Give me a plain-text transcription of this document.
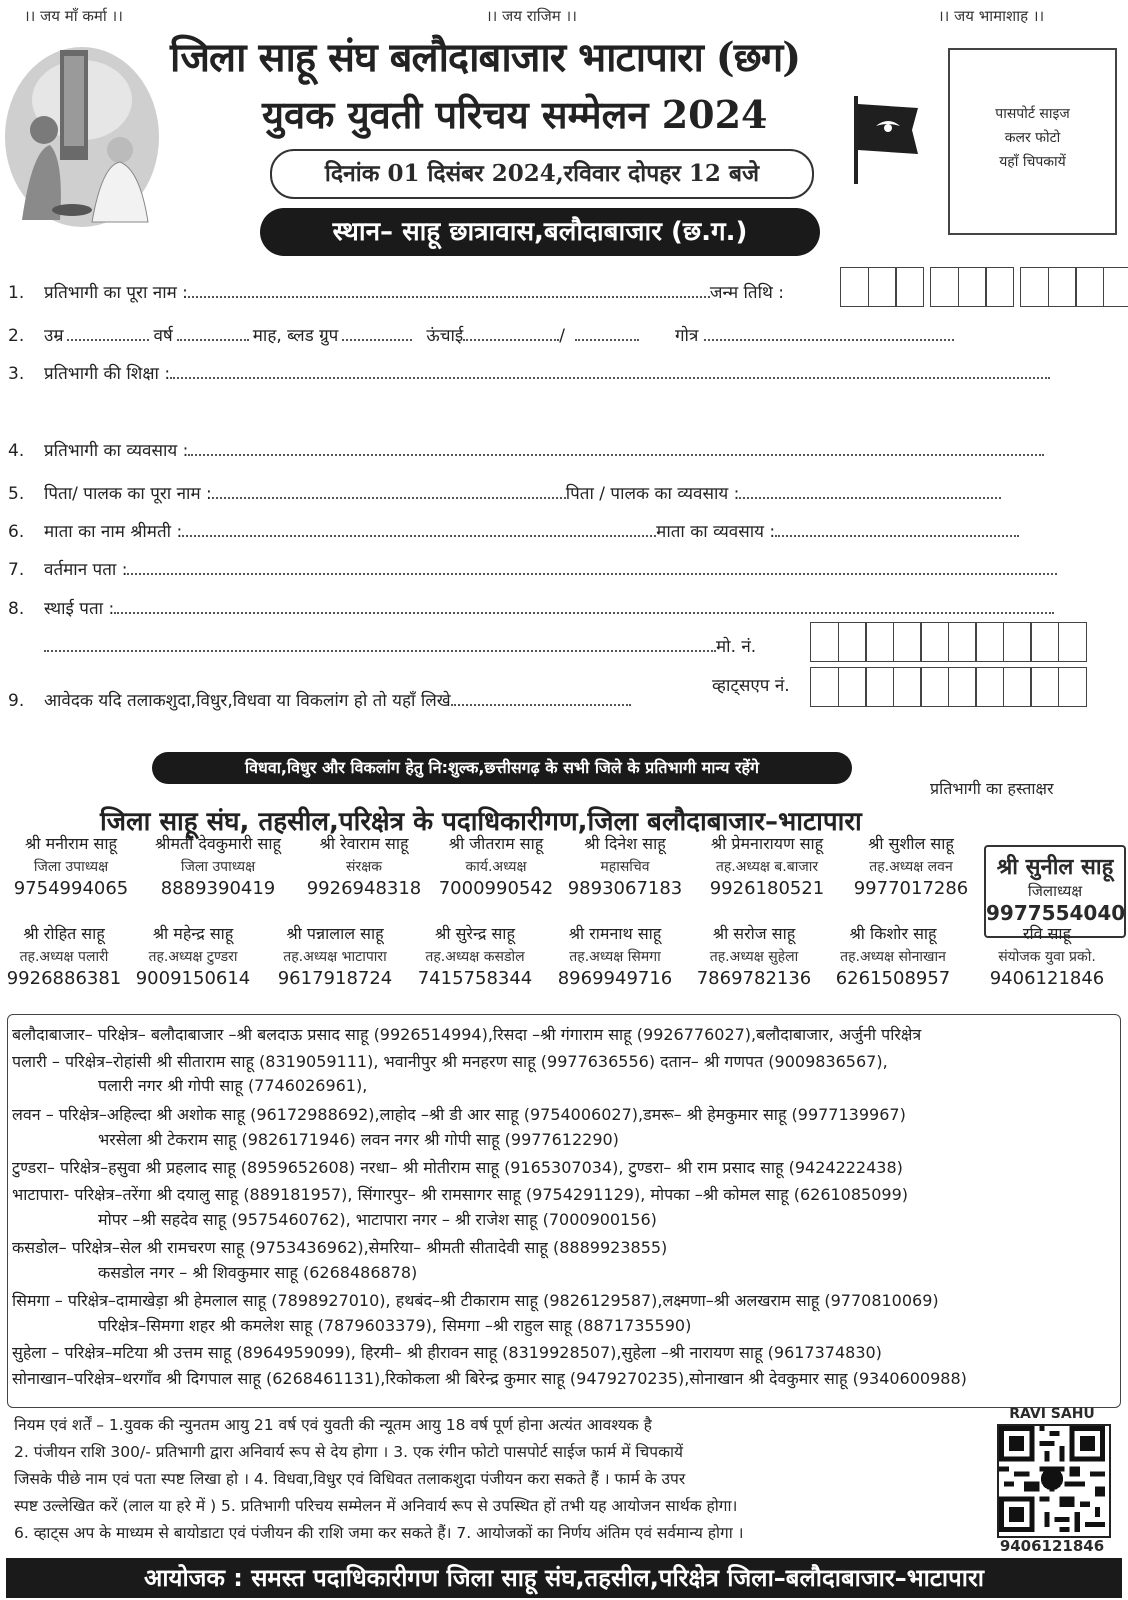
।। जय माँ कर्मा ।।	।। जय राजिम ।।	।। जय भामाशाह ।।
जिला साहू संघ बलौदाबाजार भाटापारा (छग)
युवक युवती परिचय सम्मेलन 2024
दिनांक 01 दिसंबर 2024,रविवार दोपहर 12 बजे
स्थान– साहू छात्रावास,बलौदाबाजार (छ.ग.)
पासपोर्ट साइज
कलर फोटो
यहाँ चिपकायें
1. प्रतिभागी का पूरा नाम :	जन्म तिथि :
2. उम्र	वर्ष	माह, ब्लड ग्रुप	ऊंचाई	/	गोत्र
3. प्रतिभागी की शिक्षा :
4. प्रतिभागी का व्यवसाय :
5. पिता/ पालक का पूरा नाम :	पिता / पालक का व्यवसाय :
6. माता का नाम श्रीमती :	माता का व्यवसाय :
7. वर्तमान पता :
8. स्थाई पता :
मो. नं.
व्हाट्सएप नं.
9. आवेदक यदि तलाकशुदा,विधुर,विधवा या विकलांग हो तो यहाँ लिखे
विधवा,विधुर और विकलांग हेतु नि:शुल्क,छत्तीसगढ़ के सभी जिले के प्रतिभागी मान्य रहेंगे
प्रतिभागी का हस्ताक्षर
जिला साहू संघ, तहसील,परिक्षेत्र के पदाधिकारीगण,जिला बलौदाबाजार–भाटापारा
श्री मनीराम साहू
जिला उपाध्यक्ष
9754994065
श्रीमती देवकुमारी साहू
जिला उपाध्यक्ष
8889390419
श्री रेवाराम साहू
संरक्षक
9926948318
श्री जीतराम साहू
कार्य.अध्यक्ष
7000990542
श्री दिनेश साहू
महासचिव
9893067183
श्री प्रेमनारायण साहू
तह.अध्यक्ष ब.बाजार
9926180521
श्री सुशील साहू
तह.अध्यक्ष लवन
9977017286
श्री सुनील साहू
जिलाध्यक्ष
9977554040
श्री रोहित साहू
तह.अध्यक्ष पलारी
9926886381
श्री महेन्द्र साहू
तह.अध्यक्ष टुण्डरा
9009150614
श्री पन्नालाल साहू
तह.अध्यक्ष भाटापारा
9617918724
श्री सुरेन्द्र साहू
तह.अध्यक्ष कसडोल
7415758344
श्री रामनाथ साहू
तह.अध्यक्ष सिमगा
8969949716
श्री सरोज साहू
तह.अध्यक्ष सुहेला
7869782136
श्री किशोर साहू
तह.अध्यक्ष सोनाखान
6261508957
रवि साहू
संयोजक युवा प्रको.
9406121846
बलौदाबाजार– परिक्षेत्र– बलौदाबाजार –श्री बलदाऊ प्रसाद साहू (9926514994),रिसदा –श्री गंगाराम साहू (9926776027),बलौदाबाजार, अर्जुनी परिक्षेत्र
पलारी – परिक्षेत्र–रोहांसी श्री सीताराम साहू (8319059111), भवानीपुर श्री मनहरण साहू (9977636556) दतान– श्री गणपत (9009836567),
पलारी नगर श्री गोपी साहू (7746026961),
लवन – परिक्षेत्र–अहिल्दा श्री अशोक साहू (96172988692),लाहोद –श्री डी आर साहू (9754006027),डमरू– श्री हेमकुमार साहू (9977139967)
भरसेला श्री टेकराम साहू (9826171946) लवन नगर श्री गोपी साहू (9977612290)
टुण्डरा– परिक्षेत्र–हसुवा श्री प्रहलाद साहू (8959652608) नरधा– श्री मोतीराम साहू (9165307034), टुण्डरा– श्री राम प्रसाद साहू (9424222438)
भाटापारा- परिक्षेत्र–तरेंगा श्री दयालु साहू (889181957), सिंगारपुर– श्री रामसागर साहू (9754291129), मोपका –श्री कोमल साहू (6261085099)
मोपर –श्री सहदेव साहू (9575460762), भाटापारा नगर – श्री राजेश साहू (7000900156)
कसडोल– परिक्षेत्र–सेल श्री रामचरण साहू (9753436962),सेमरिया– श्रीमती सीतादेवी साहू (8889923855)
कसडोल नगर – श्री शिवकुमार साहू (6268486878)
सिमगा – परिक्षेत्र–दामाखेड़ा श्री हेमलाल साहू (7898927010), हथबंद–श्री टीकाराम साहू (9826129587),लक्ष्मणा–श्री अलखराम साहू (9770810069)
परिक्षेत्र–सिमगा शहर श्री कमलेश साहू (7879603379), सिमगा –श्री राहुल साहू (8871735590)
सुहेला – परिक्षेत्र–मटिया श्री उत्तम साहू (8964959099), हिरमी– श्री हीरावन साहू (8319928507),सुहेला –श्री नारायण साहू (9617374830)
सोनाखान–परिक्षेत्र–थरगाँव श्री दिगपाल साहू (6268461131),रिकोकला श्री बिरेन्द्र कुमार साहू (9479270235),सोनाखान श्री देवकुमार साहू (9340600988)
नियम एवं शर्तें – 1.युवक की न्युनतम आयु 21 वर्ष एवं युवती की न्यूतम आयु 18 वर्ष पूर्ण होना अत्यंत आवश्यक है
2. पंजीयन राशि 300/- प्रतिभागी द्वारा अनिवार्य रूप से देय होगा । 3. एक रंगीन फोटो पासपोर्ट साईज फार्म में चिपकायें
जिसके पीछे नाम एवं पता स्पष्ट लिखा हो । 4. विधवा,विधुर एवं विधिवत तलाकशुदा पंजीयन करा सकते हैं । फार्म के उपर
स्पष्ट उल्लेखित करें (लाल या हरे में ) 5. प्रतिभागी परिचय सम्मेलन में अनिवार्य रूप से उपस्थित हों तभी यह आयोजन सार्थक होगा।
6. व्हाट्स अप के माध्यम से बायोडाटा एवं पंजीयन की राशि जमा कर सकते हैं। 7. आयोजकों का निर्णय अंतिम एवं सर्वमान्य होगा ।
RAVI SAHU
9406121846
आयोजक : समस्त पदाधिकारीगण जिला साहू संघ,तहसील,परिक्षेत्र जिला–बलौदाबाजार–भाटापारा
